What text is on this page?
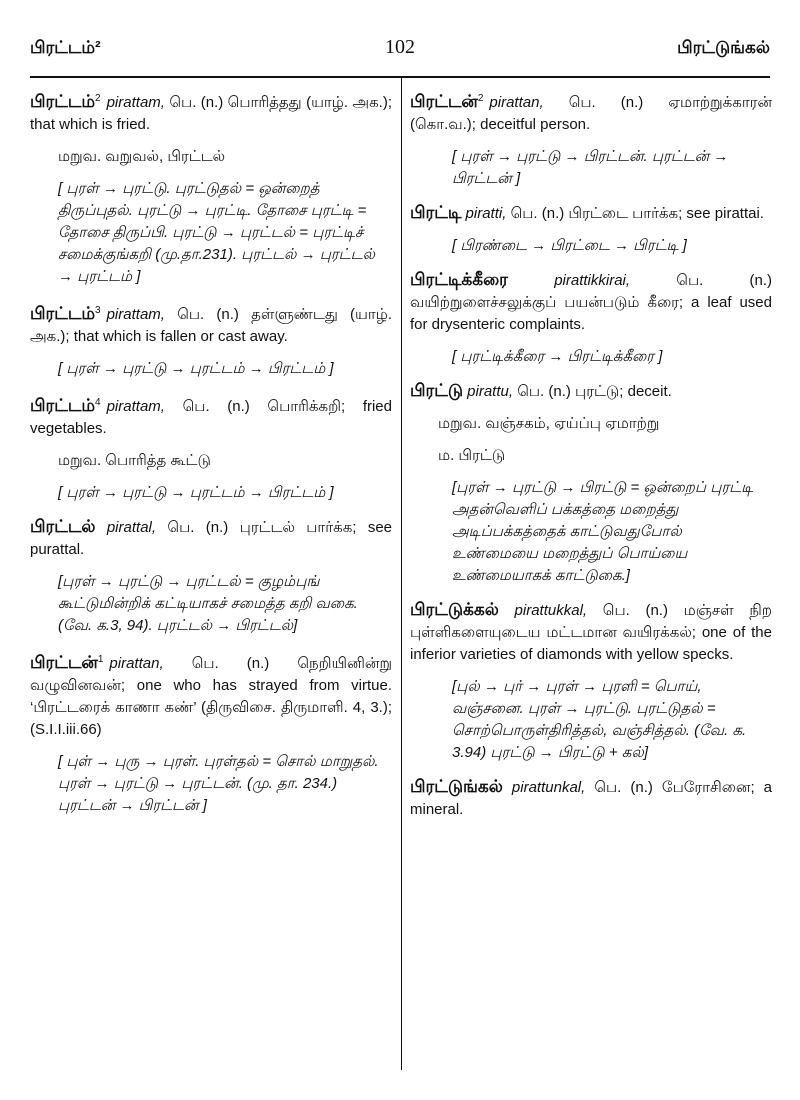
பிரட்டம்²	102	பிரட்டுங்கல்

பிரட்டம்$^2$ pirattam, பெ. (n.) பொரித்தது (யாழ். அக.); that which is fried.

மறுவ. வறுவல், பிரட்டல்
[ புரள் → புரட்டு. புரட்டுதல் = ஒன்றைத் திருப்புதல். புரட்டு → புரட்டி. தோசை புரட்டி = தோசை திருப்பி. புரட்டு → புரட்டல் = புரட்டிச் சமைக்குங்கறி (மு.தா.231). புரட்டல் → புரட்டல் → புரட்டம் ]

பிரட்டம்$^3$ pirattam, பெ. (n.) தள்ளுண்டது (யாழ். அக.); that which is fallen or cast away.

[ புரள் → புரட்டு → புரட்டம் → பிரட்டம் ]

பிரட்டம்$^4$ pirattam, பெ. (n.) பொரிக்கறி; fried vegetables.

மறுவ. பொரித்த கூட்டு
[ புரள் → புரட்டு → புரட்டம் → பிரட்டம் ]

பிரட்டல் pirattal, பெ. (n.) புரட்டல் பார்க்க; see purattal.

[புரள் → புரட்டு → புரட்டல் = குழம்புங் கூட்டுமின்றிக் கட்டியாகச் சமைத்த கறி வகை. (வே. க.3, 94). புரட்டல் → பிரட்டல்]

பிரட்டன்$^1$ pirattan, பெ. (n.) நெறியினின்று வழுவினவன்; one who has strayed from virtue. ‘பிரட்டரைக் காணா கண்’ (திருவிசை. திருமாளி. 4, 3.); (S.I.I.iii.66)

[ புள் → புரு → புரள். புரள்தல் = சொல் மாறுதல். புரள் → புரட்டு → புரட்டன். (மு. தா. 234.) புரட்டன் → பிரட்டன் ]

பிரட்டன்$^2$ pirattan, பெ. (n.) ஏமாற்றுக்காரன் (கொ.வ.); deceitful person.

[ புரள் → புரட்டு → பிரட்டன். புரட்டன் → பிரட்டன் ]

பிரட்டி piratti, பெ. (n.) பிரட்டை பார்க்க; see pirattai.

[ பிரண்டை → பிரட்டை → பிரட்டி ]

பிரட்டிக்கீரை	pirattikkirai,	பெ. (n.) வயிற்றுளைச்சலுக்குப் பயன்படும் கீரை; a leaf used for drysenteric complaints.

[ புரட்டிக்கீரை → பிரட்டிக்கீரை ]

பிரட்டு pirattu, பெ. (n.) புரட்டு; deceit.

மறுவ. வஞ்சகம், ஏய்ப்பு ஏமாற்று
ம. பிரட்டு
[புரள் → புரட்டு → பிரட்டு = ஒன்றைப் புரட்டி அதன்வெளிப் பக்கத்தை மறைத்து அடிப்பக்கத்தைக் காட்டுவதுபோல் உண்மையை மறைத்துப் பொய்யை உண்மையாகக் காட்டுகை.]

பிரட்டுக்கல் pirattukkal, பெ. (n.) மஞ்சள் நிற புள்ளிகளையுடைய மட்டமான வயிரக்கல்; one of the inferior varieties of diamonds with yellow specks.

[புல் → புர் → புரள் → புரளி = பொய், வஞ்சனை. புரள் → புரட்டு. புரட்டுதல் = சொற்பொருள்திரித்தல், வஞ்சித்தல். (வே. க. 3.94) புரட்டு → பிரட்டு + கல்]

பிரட்டுங்கல் pirattunkal, பெ. (n.) பேரோசினை; a mineral.
